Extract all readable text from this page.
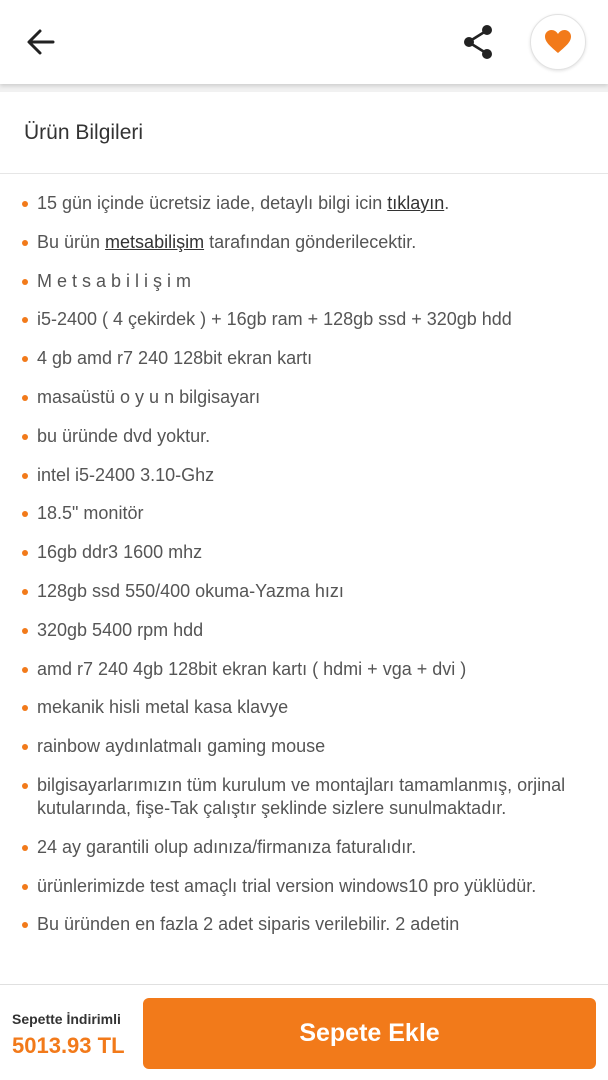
Ürün Bilgileri
15 gün içinde ücretsiz iade, detaylı bilgi icin tıklayın.
Bu ürün metsabilişim tarafından gönderilecektir.
M e t s a b i l i ş i m
i5-2400 ( 4 çekirdek ) + 16gb ram + 128gb ssd + 320gb hdd
4 gb amd r7 240 128bit ekran kartı
masaüstü o y u n bilgisayarı
bu üründe dvd yoktur.
intel i5-2400 3.10-Ghz
18.5" monitör
16gb ddr3 1600 mhz
128gb ssd 550/400 okuma-Yazma hızı
320gb 5400 rpm hdd
amd r7 240 4gb 128bit ekran kartı ( hdmi + vga + dvi )
mekanik hisli metal kasa klavye
rainbow aydınlatmalı gaming mouse
bilgisayarlarımızın tüm kurulum ve montajları tamamlanmış, orjinal kutularında, fişe-Tak çalıştır şeklinde sizlere sunulmaktadır.
24 ay garantili olup adınıza/firmanıza faturalıdır.
ürünlerimizde test amaçlı trial version windows10 pro yüklüdür.
Bu üründen en fazla 2 adet siparis verilebilir. 2 adetin
Sepette İndirimli
5013.93 TL	Sepete Ekle
